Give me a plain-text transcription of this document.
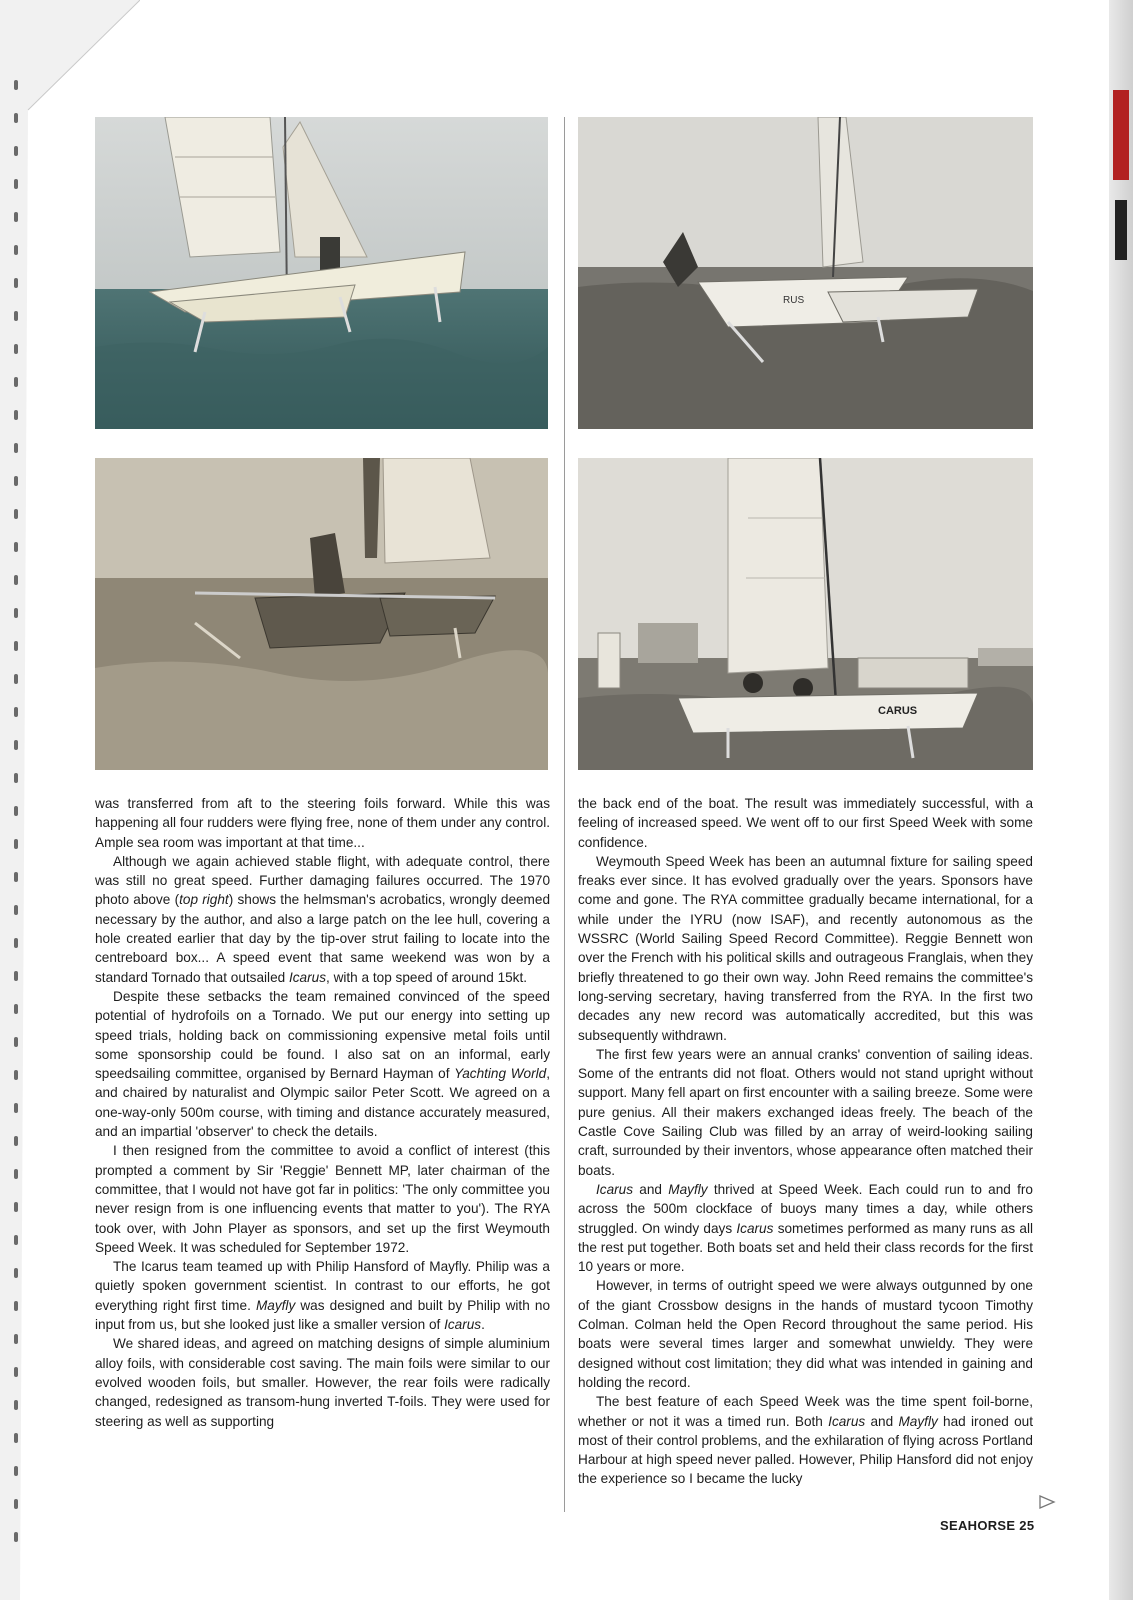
RUS
CARUS

was transferred from aft to the steering foils forward. While this was happening all four rudders were flying free, none of them under any control. Ample sea room was important at that time...

Although we again achieved stable flight, with adequate control, there was still no great speed. Further damaging failures occurred. The 1970 photo above (top right) shows the helmsman's acrobatics, wrongly deemed necessary by the author, and also a large patch on the lee hull, covering a hole created earlier that day by the tip-over strut failing to locate into the centreboard box... A speed event that same weekend was won by a standard Tornado that outsailed Icarus, with a top speed of around 15kt.

Despite these setbacks the team remained convinced of the speed potential of hydrofoils on a Tornado. We put our energy into setting up speed trials, holding back on commissioning expensive metal foils until some sponsorship could be found. I also sat on an informal, early speedsailing committee, organised by Bernard Hayman of Yachting World, and chaired by naturalist and Olympic sailor Peter Scott. We agreed on a one-way-only 500m course, with timing and distance accurately measured, and an impartial 'observer' to check the details.

I then resigned from the committee to avoid a conflict of interest (this prompted a comment by Sir 'Reggie' Bennett MP, later chairman of the committee, that I would not have got far in politics: 'The only committee you never resign from is one influencing events that matter to you'). The RYA took over, with John Player as sponsors, and set up the first Weymouth Speed Week. It was scheduled for September 1972.

The Icarus team teamed up with Philip Hansford of Mayfly. Philip was a quietly spoken government scientist. In contrast to our efforts, he got everything right first time. Mayfly was designed and built by Philip with no input from us, but she looked just like a smaller version of Icarus.

We shared ideas, and agreed on matching designs of simple aluminium alloy foils, with considerable cost saving. The main foils were similar to our evolved wooden foils, but smaller. However, the rear foils were radically changed, redesigned as transom-hung inverted T-foils. They were used for steering as well as supporting

the back end of the boat. The result was immediately successful, with a feeling of increased speed. We went off to our first Speed Week with some confidence.

Weymouth Speed Week has been an autumnal fixture for sailing speed freaks ever since. It has evolved gradually over the years. Sponsors have come and gone. The RYA committee gradually became international, for a while under the IYRU (now ISAF), and recently autonomous as the WSSRC (World Sailing Speed Record Committee). Reggie Bennett won over the French with his political skills and outrageous Franglais, when they briefly threatened to go their own way. John Reed remains the committee's long-serving secretary, having transferred from the RYA. In the first two decades any new record was automatically accredited, but this was subsequently withdrawn.

The first few years were an annual cranks' convention of sailing ideas. Some of the entrants did not float. Others would not stand upright without support. Many fell apart on first encounter with a sailing breeze. Some were pure genius. All their makers exchanged ideas freely. The beach of the Castle Cove Sailing Club was filled by an array of weird-looking sailing craft, surrounded by their inventors, whose appearance often matched their boats.

Icarus and Mayfly thrived at Speed Week. Each could run to and fro across the 500m clockface of buoys many times a day, while others struggled. On windy days Icarus sometimes performed as many runs as all the rest put together. Both boats set and held their class records for the first 10 years or more.

However, in terms of outright speed we were always outgunned by one of the giant Crossbow designs in the hands of mustard tycoon Timothy Colman. Colman held the Open Record throughout the same period. His boats were several times larger and somewhat unwieldy. They were designed without cost limitation; they did what was intended in gaining and holding the record.

The best feature of each Speed Week was the time spent foil-borne, whether or not it was a timed run. Both Icarus and Mayfly had ironed out most of their control problems, and the exhilaration of flying across Portland Harbour at high speed never palled. However, Philip Hansford did not enjoy the experience so I became the lucky

SEAHORSE 25
